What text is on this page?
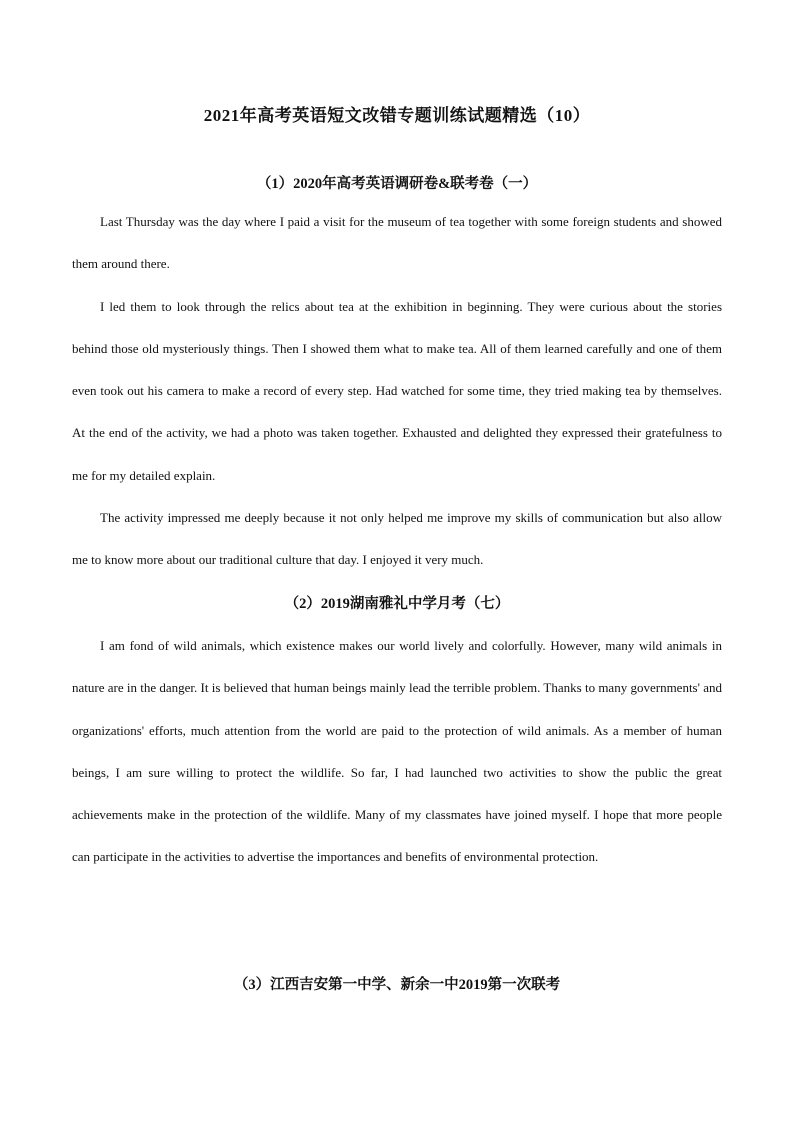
2021年高考英语短文改错专题训练试题精选（10）
（1）2020年高考英语调研卷&联考卷（一）

Last Thursday was the day where I paid a visit for the museum of tea together with some foreign students and showed them around there.

I led them to look through the relics about tea at the exhibition in beginning. They were curious about the stories behind those old mysteriously things. Then I showed them what to make tea. All of them learned carefully and one of them even took out his camera to make a record of every step. Had watched for some time, they tried making tea by themselves. At the end of the activity, we had a photo was taken together. Exhausted and delighted they expressed their gratefulness to me for my detailed explain.

The activity impressed me deeply because it not only helped me improve my skills of communication but also allow me to know more about our traditional culture that day. I enjoyed it very much.

（2）2019湖南雅礼中学月考（七）

I am fond of wild animals, which existence makes our world lively and colorfully. However, many wild animals in nature are in the danger. It is believed that human beings mainly lead the terrible problem. Thanks to many governments' and organizations' efforts, much attention from the world are paid to the protection of wild animals. As a member of human beings, I am sure willing to protect the wildlife. So far, I had launched two activities to show the public the great achievements make in the protection of the wildlife. Many of my classmates have joined myself. I hope that more people can participate in the activities to advertise the importances and benefits of environmental protection.

（3）江西吉安第一中学、新余一中2019第一次联考
